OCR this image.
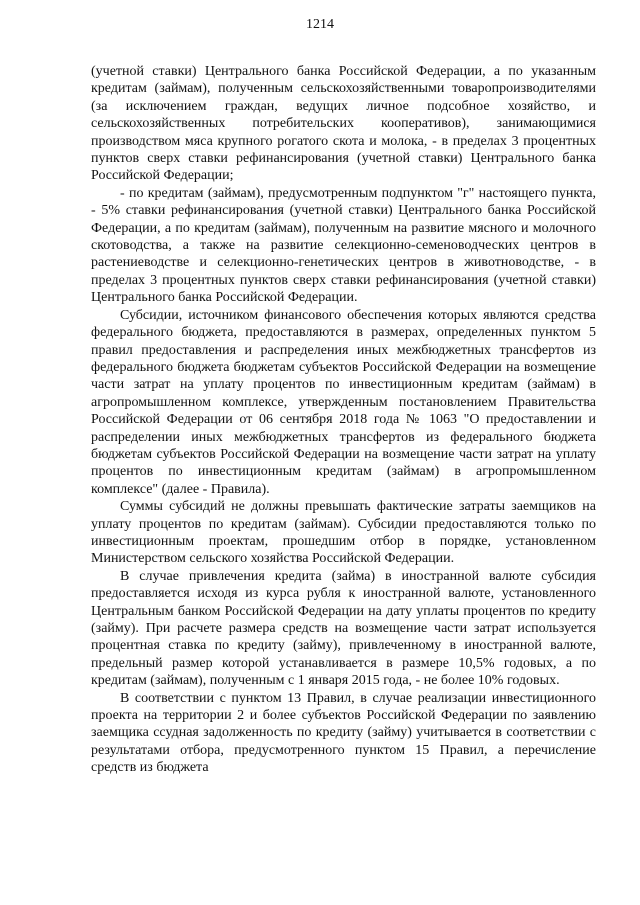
1214

(учетной ставки) Центрального банка Российской Федерации, а по указанным кредитам (займам), полученным сельскохозяйственными товаропроизводителями (за исключением граждан, ведущих личное подсобное хозяйство, и сельскохозяйственных потребительских кооперативов), занимающимися производством мяса крупного рогатого скота и молока, - в пределах 3 процентных пунктов сверх ставки рефинансирования (учетной ставки) Центрального банка Российской Федерации;

- по кредитам (займам), предусмотренным подпунктом "г" настоящего пункта, - 5% ставки рефинансирования (учетной ставки) Центрального банка Российской Федерации, а по кредитам (займам), полученным на развитие мясного и молочного скотоводства, а также на развитие селекционно-семеноводческих центров в растениеводстве и селекционно-генетических центров в животноводстве, - в пределах 3 процентных пунктов сверх ставки рефинансирования (учетной ставки) Центрального банка Российской Федерации.

Субсидии, источником финансового обеспечения которых являются средства федерального бюджета, предоставляются в размерах, определенных пунктом 5 правил предоставления и распределения иных межбюджетных трансфертов из федерального бюджета бюджетам субъектов Российской Федерации на возмещение части затрат на уплату процентов по инвестиционным кредитам (займам) в агропромышленном комплексе, утвержденным постановлением Правительства Российской Федерации от 06 сентября 2018 года № 1063 "О предоставлении и распределении иных межбюджетных трансфертов из федерального бюджета бюджетам субъектов Российской Федерации на возмещение части затрат на уплату процентов по инвестиционным кредитам (займам) в агропромышленном комплексе" (далее - Правила).

Суммы субсидий не должны превышать фактические затраты заемщиков на уплату процентов по кредитам (займам). Субсидии предоставляются только по инвестиционным проектам, прошедшим отбор в порядке, установленном Министерством сельского хозяйства Российской Федерации.

В случае привлечения кредита (займа) в иностранной валюте субсидия предоставляется исходя из курса рубля к иностранной валюте, установленного Центральным банком Российской Федерации на дату уплаты процентов по кредиту (займу). При расчете размера средств на возмещение части затрат используется процентная ставка по кредиту (займу), привлеченному в иностранной валюте, предельный размер которой устанавливается в размере 10,5% годовых, а по кредитам (займам), полученным с 1 января 2015 года, - не более 10% годовых.

В соответствии с пунктом 13 Правил, в случае реализации инвестиционного проекта на территории 2 и более субъектов Российской Федерации по заявлению заемщика ссудная задолженность по кредиту (займу) учитывается в соответствии с результатами отбора, предусмотренного пунктом 15 Правил, а перечисление средств из бюджета
